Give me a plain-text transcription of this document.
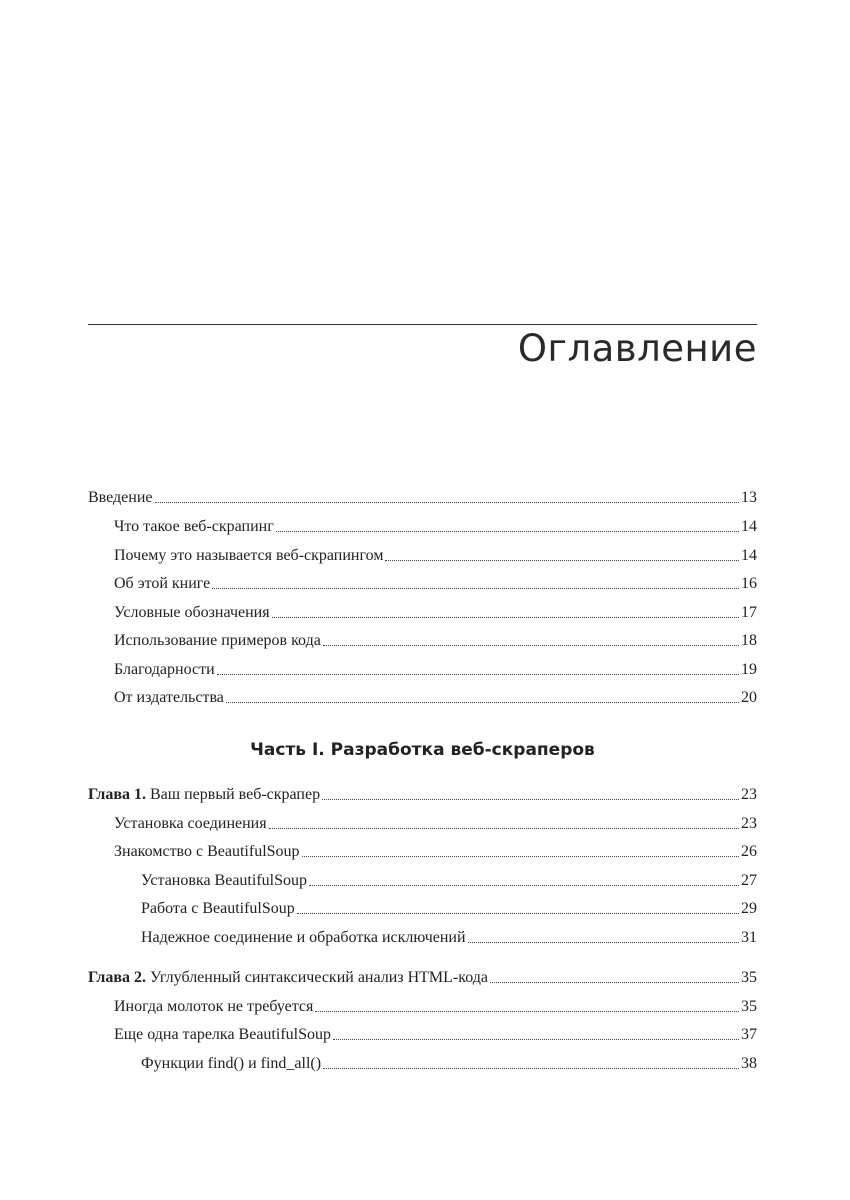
Оглавление
Введение	13
Что такое веб-скрапинг	14
Почему это называется веб-скрапингом	14
Об этой книге	16
Условные обозначения	17
Использование примеров кода	18
Благодарности	19
От издательства	20
Часть I. Разработка веб-скраперов
Глава 1. Ваш первый веб-скрапер	23
Установка соединения	23
Знакомство с BeautifulSoup	26
Установка BeautifulSoup	27
Работа с BeautifulSoup	29
Надежное соединение и обработка исключений	31
Глава 2. Углубленный синтаксический анализ HTML-кода	35
Иногда молоток не требуется	35
Еще одна тарелка BeautifulSoup	37
Функции find() и find_all()	38
